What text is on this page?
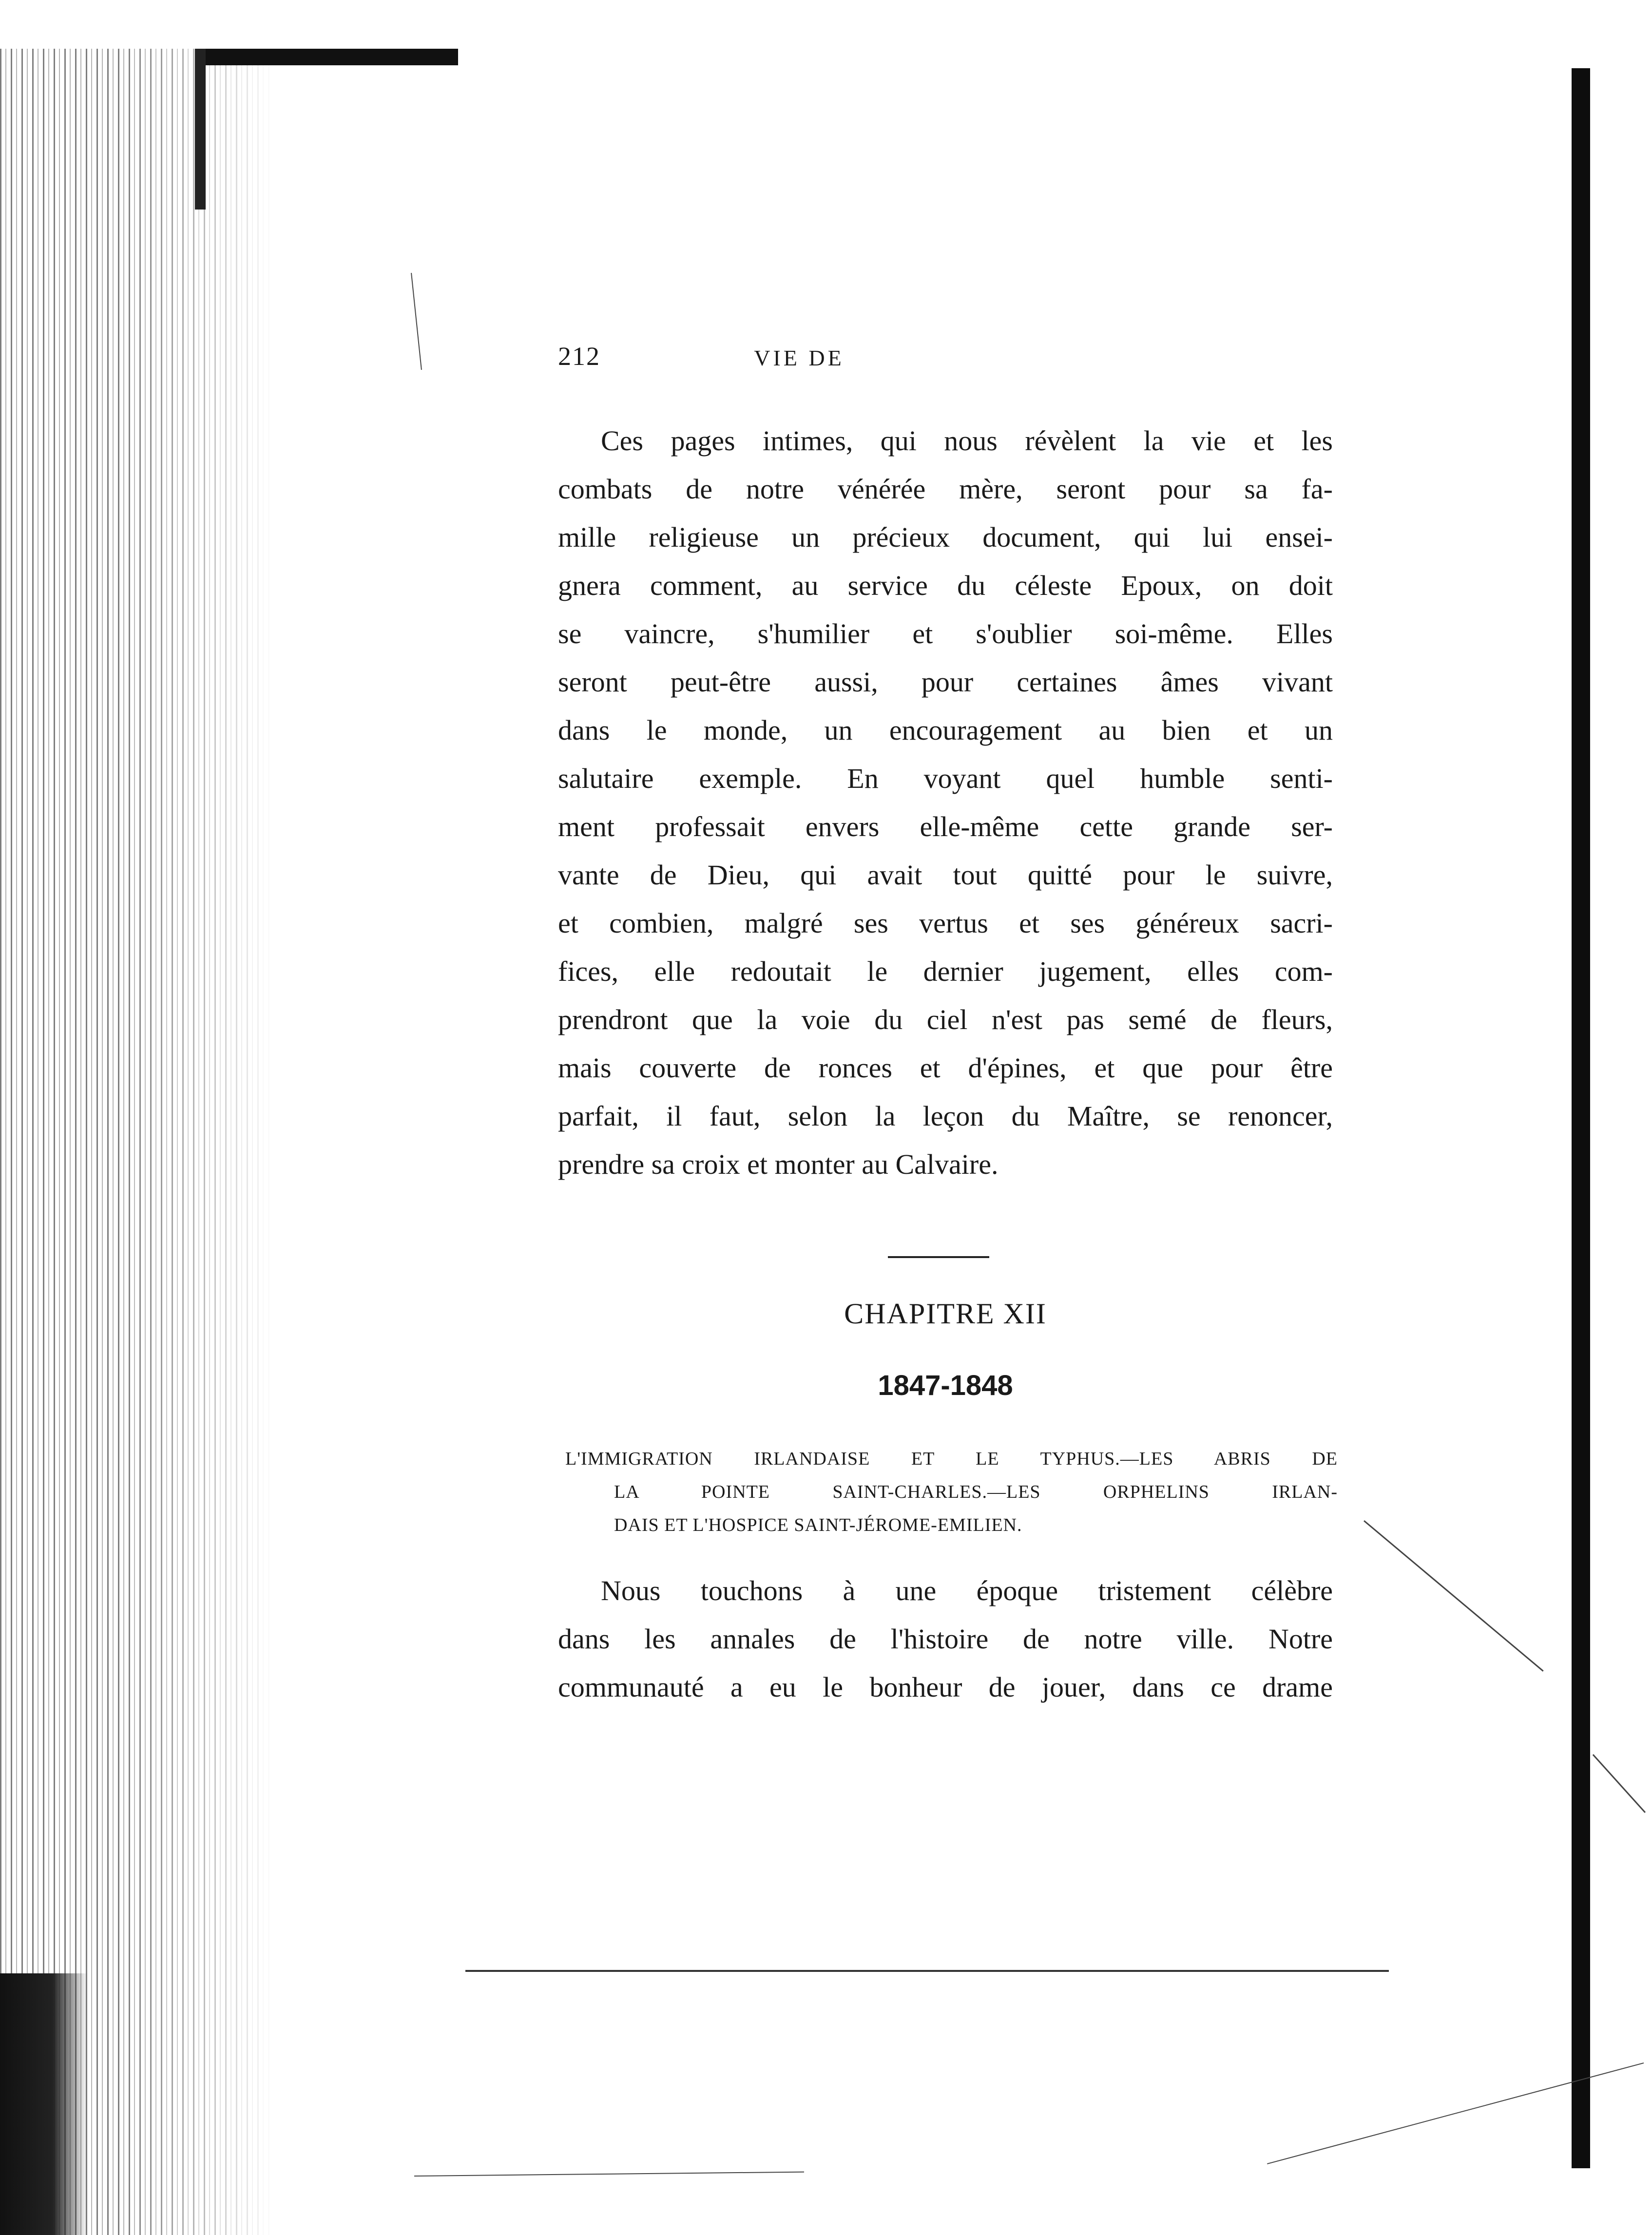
212	VIE DE

Ces pages intimes, qui nous révèlent la vie et les
combats de notre vénérée mère, seront pour sa fa-
mille religieuse un précieux document, qui lui ensei-
gnera comment, au service du céleste Epoux, on doit
se vaincre, s'humilier et s'oublier soi-même. Elles
seront peut-être aussi, pour certaines âmes vivant
dans le monde, un encouragement au bien et un
salutaire exemple. En voyant quel humble senti-
ment professait envers elle-même cette grande ser-
vante de Dieu, qui avait tout quitté pour le suivre,
et combien, malgré ses vertus et ses généreux sacri-
fices, elle redoutait le dernier jugement, elles com-
prendront que la voie du ciel n'est pas semé de fleurs,
mais couverte de ronces et d'épines, et que pour être
parfait, il faut, selon la leçon du Maître, se renoncer,
prendre sa croix et monter au Calvaire.

CHAPITRE XII
1847-1848
L'IMMIGRATION IRLANDAISE ET LE TYPHUS.—LES ABRIS DE
LA POINTE SAINT-CHARLES.—LES ORPHELINS IRLAN-
DAIS ET L'HOSPICE SAINT-JÉROME-EMILIEN.

Nous touchons à une époque tristement célèbre
dans les annales de l'histoire de notre ville. Notre
communauté a eu le bonheur de jouer, dans ce drame
